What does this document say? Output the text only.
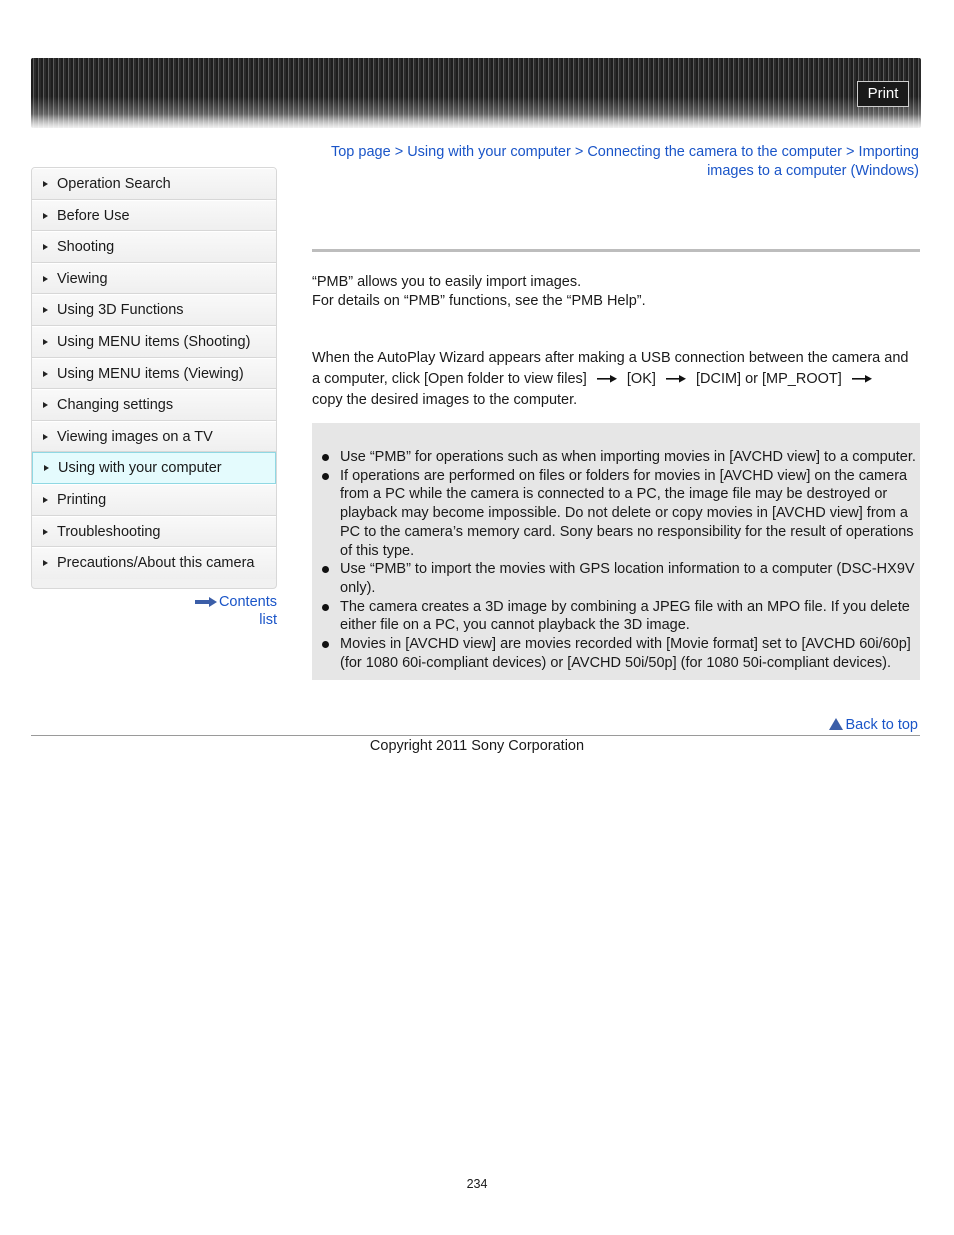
Print
Top page > Using with your computer > Connecting the camera to the computer > Importing images to a computer (Windows)
Operation Search
Before Use
Shooting
Viewing
Using 3D Functions
Using MENU items (Shooting)
Using MENU items (Viewing)
Changing settings
Viewing images on a TV
Using with your computer
Printing
Troubleshooting
Precautions/About this camera
Contents list
“PMB” allows you to easily import images.
For details on “PMB” functions, see the “PMB Help”.
When the AutoPlay Wizard appears after making a USB connection between the camera and a computer, click [Open folder to view files]	[OK]	[DCIM] or [MP_ROOT]  copy the desired images to the computer.
Use “PMB” for operations such as when importing movies in [AVCHD view] to a computer.
If operations are performed on files or folders for movies in [AVCHD view] on the camera from a PC while the camera is connected to a PC, the image file may be destroyed or playback may become impossible. Do not delete or copy movies in [AVCHD view] from a PC to the camera’s memory card. Sony bears no responsibility for the result of operations of this type.
Use “PMB” to import the movies with GPS location information to a computer (DSC-HX9V only).
The camera creates a 3D image by combining a JPEG file with an MPO file. If you delete either file on a PC, you cannot playback the 3D image.
Movies in [AVCHD view] are movies recorded with [Movie format] set to [AVCHD 60i/60p] (for 1080 60i-compliant devices) or [AVCHD 50i/50p] (for 1080 50i-compliant devices).
Back to top
Copyright 2011 Sony Corporation
234
